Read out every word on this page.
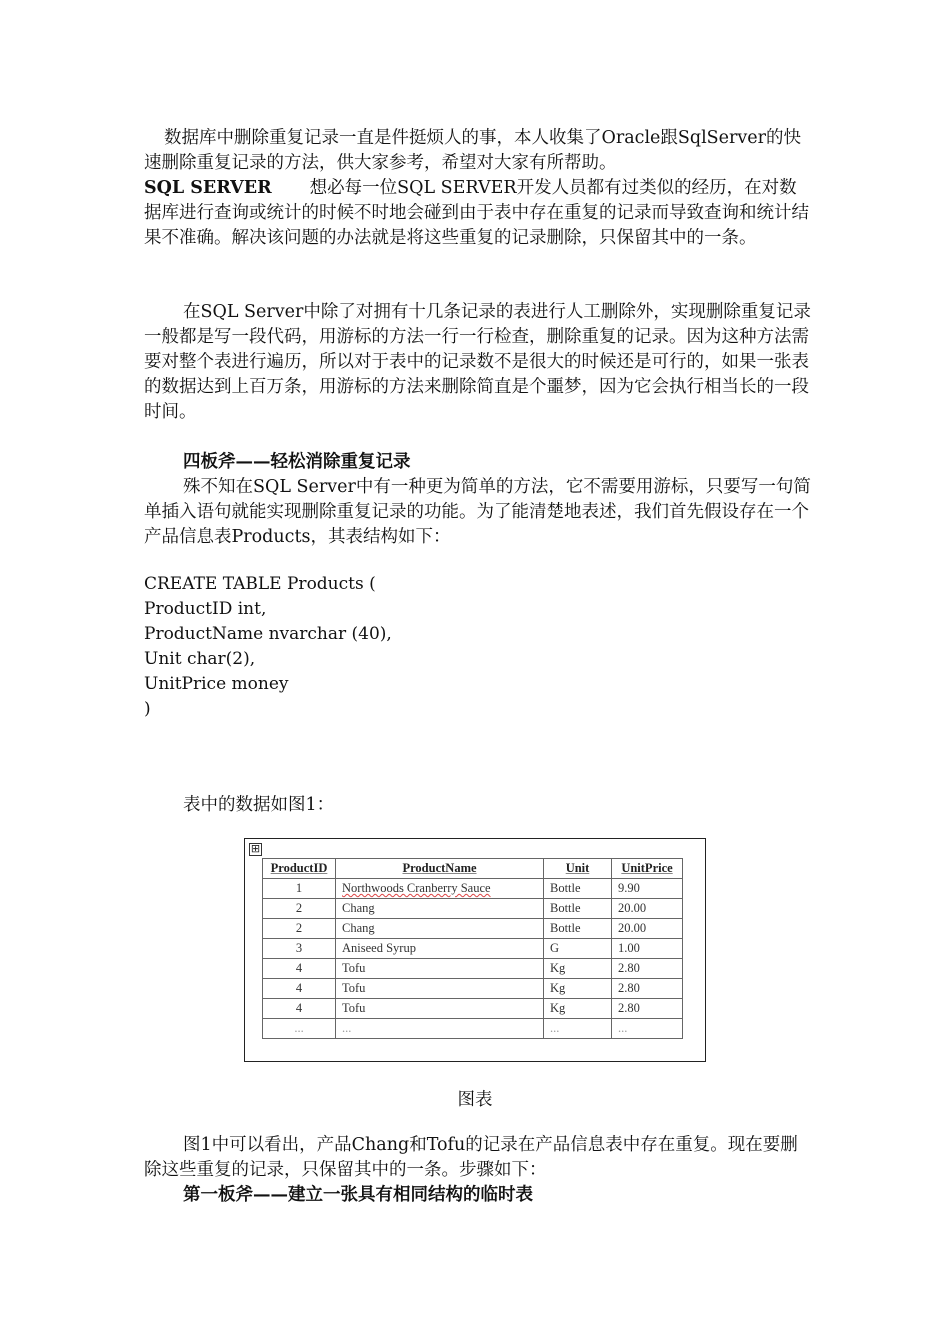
数据库中删除重复记录一直是件挺烦人的事，本人收集了Oracle跟SqlServer的快速删除重复记录的方法，供大家参考，希望对大家有所帮助。
SQL SERVER 想必每一位SQL SERVER开发人员都有过类似的经历，在对数据库进行查询或统计的时候不时地会碰到由于表中存在重复的记录而导致查询和统计结果不准确。解决该问题的办法就是将这些重复的记录删除，只保留其中的一条。

在SQL Server中除了对拥有十几条记录的表进行人工删除外，实现删除重复记录一般都是写一段代码，用游标的方法一行一行检查，删除重复的记录。因为这种方法需要对整个表进行遍历，所以对于表中的记录数不是很大的时候还是可行的，如果一张表的数据达到上百万条，用游标的方法来删除简直是个噩梦，因为它会执行相当长的一段时间。

四板斧——轻松消除重复记录

殊不知在SQL Server中有一种更为简单的方法，它不需要用游标，只要写一句简单插入语句就能实现删除重复记录的功能。为了能清楚地表述，我们首先假设存在一个产品信息表Products，其表结构如下：

CREATE TABLE Products (
ProductID int,
ProductName nvarchar (40),
Unit char(2),
UnitPrice money
)

表中的数据如图1：

⊞
ProductID	ProductName	Unit	UnitPrice
1	Northwoods Cranberry Sauce	Bottle	9.90
2	Chang	Bottle	20.00
2	Chang	Bottle	20.00
3	Aniseed Syrup	G	1.00
4	Tofu	Kg	2.80
4	Tofu	Kg	2.80
4	Tofu	Kg	2.80
...	...	...	...
图表

图1中可以看出，产品Chang和Tofu的记录在产品信息表中存在重复。现在要删除这些重复的记录，只保留其中的一条。步骤如下：

第一板斧——建立一张具有相同结构的临时表
